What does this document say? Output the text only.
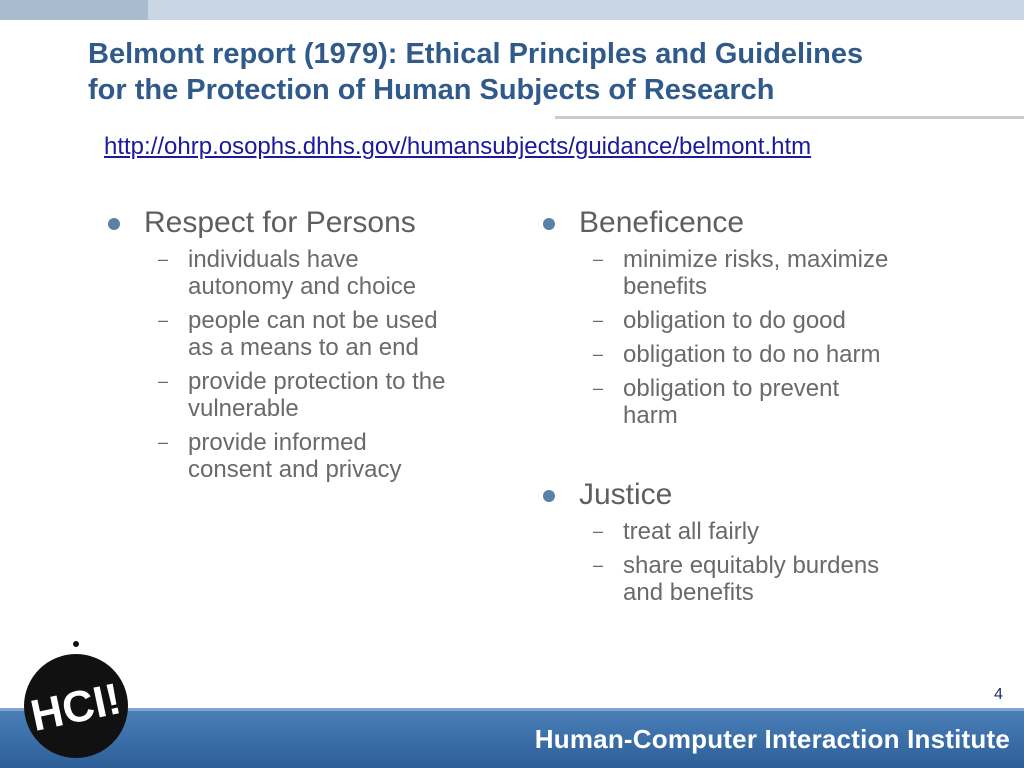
Belmont report (1979): Ethical Principles and Guidelines
for the Protection of Human Subjects of Research
http://ohrp.osophs.dhhs.gov/humansubjects/guidance/belmont.htm
Respect for Persons
– individuals have
autonomy and choice
– people can not be used
as a means to an end
– provide protection to the
vulnerable
– provide informed
consent and privacy
Beneficence
– minimize risks, maximize
benefits
– obligation to do good
– obligation to do no harm
– obligation to prevent
harm
Justice
– treat all fairly
– share equitably burdens
and benefits
4
Human-Computer Interaction Institute
HCI!
